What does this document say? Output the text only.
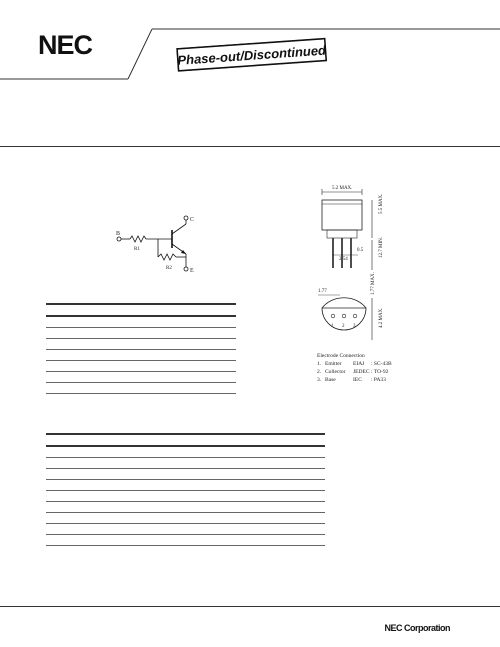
NEC	Phase-out/Discontinued
B
R1
C
E
R2
5.2 MAX.
5.5 MAX.
12.7 MIN.
0.5
2.54
1.77	1.77 MAX.
1 2 3	4.2 MAX.
Electrode Connection
1. Emitter EIAJ : SC-43B
2. Collector JEDEC : TO-92
3. Base	IEC : PA33

NEC Corporation
